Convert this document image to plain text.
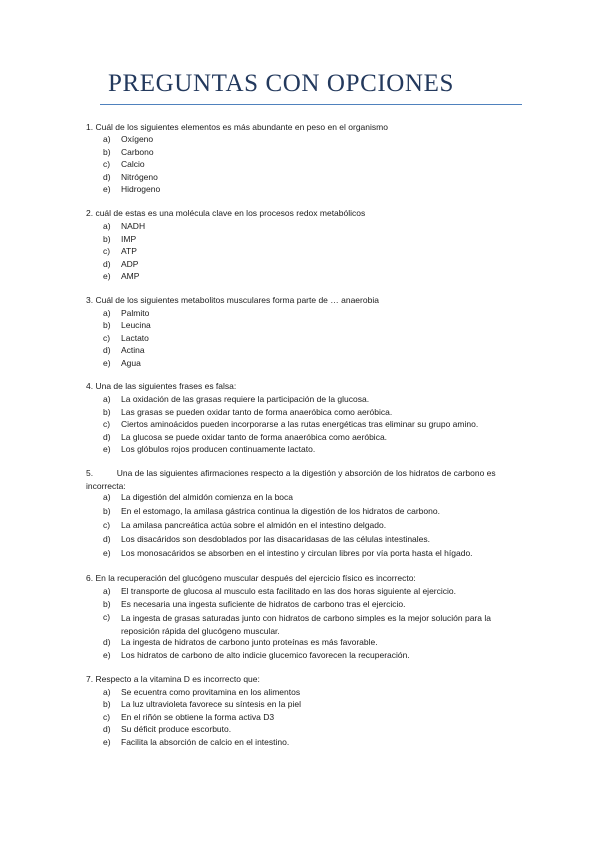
PREGUNTAS CON OPCIONES
1. Cuál de los siguientes elementos es más abundante en peso en el organismo
a) Oxígeno
b) Carbono
c) Calcio
d) Nitrógeno
e) Hidrogeno
2. cuál de estas es una molécula clave en los procesos redox metabólicos
a) NADH
b) IMP
c) ATP
d) ADP
e) AMP
3. Cuál de los siguientes metabolitos musculares forma parte de … anaerobia
a) Palmito
b) Leucina
c) Lactato
d) Actina
e) Agua
4. Una de las siguientes frases es falsa:
a) La oxidación de las grasas requiere la participación de la glucosa.
b) Las grasas se pueden oxidar tanto de forma anaeróbica como aeróbica.
c) Ciertos aminoácidos pueden incorporarse a las rutas energéticas tras eliminar su grupo amino.
d) La glucosa se puede oxidar tanto de forma anaeróbica como aeróbica.
e) Los glóbulos rojos producen continuamente lactato.
5.          Una de las siguientes afirmaciones respecto a la digestión y absorción de los hidratos de carbono es incorrecta:
a) La digestión del almidón comienza en la boca
b) En el estomago, la amilasa gástrica continua la digestión de los hidratos de carbono.
c) La amilasa pancreática actúa sobre el almidón en el intestino delgado.
d) Los disacáridos son desdoblados por las disacaridasas de las células intestinales.
e) Los monosacáridos se absorben en el intestino y circulan libres por vía porta hasta el hígado.
6. En la recuperación del glucógeno muscular después del ejercicio físico es incorrecto:
a) El transporte de glucosa al musculo esta facilitado en las dos horas siguiente al ejercicio.
b) Es necesaria una ingesta suficiente de hidratos de carbono tras el ejercicio.
c) La ingesta de grasas saturadas junto con hidratos de carbono simples es la mejor solución para la reposición rápida del glucógeno muscular.
d) La ingesta de hidratos de carbono junto proteínas es más favorable.
e) Los hidratos de carbono de alto indicie glucemico favorecen la recuperación.
7. Respecto a la vitamina D es incorrecto que:
a) Se ecuentra como provitamina en los alimentos
b) La luz ultravioleta favorece su síntesis en la piel
c) En el riñón se obtiene la forma activa D3
d) Su déficit produce escorbuto.
e) Facilita la absorción de calcio en el intestino.
